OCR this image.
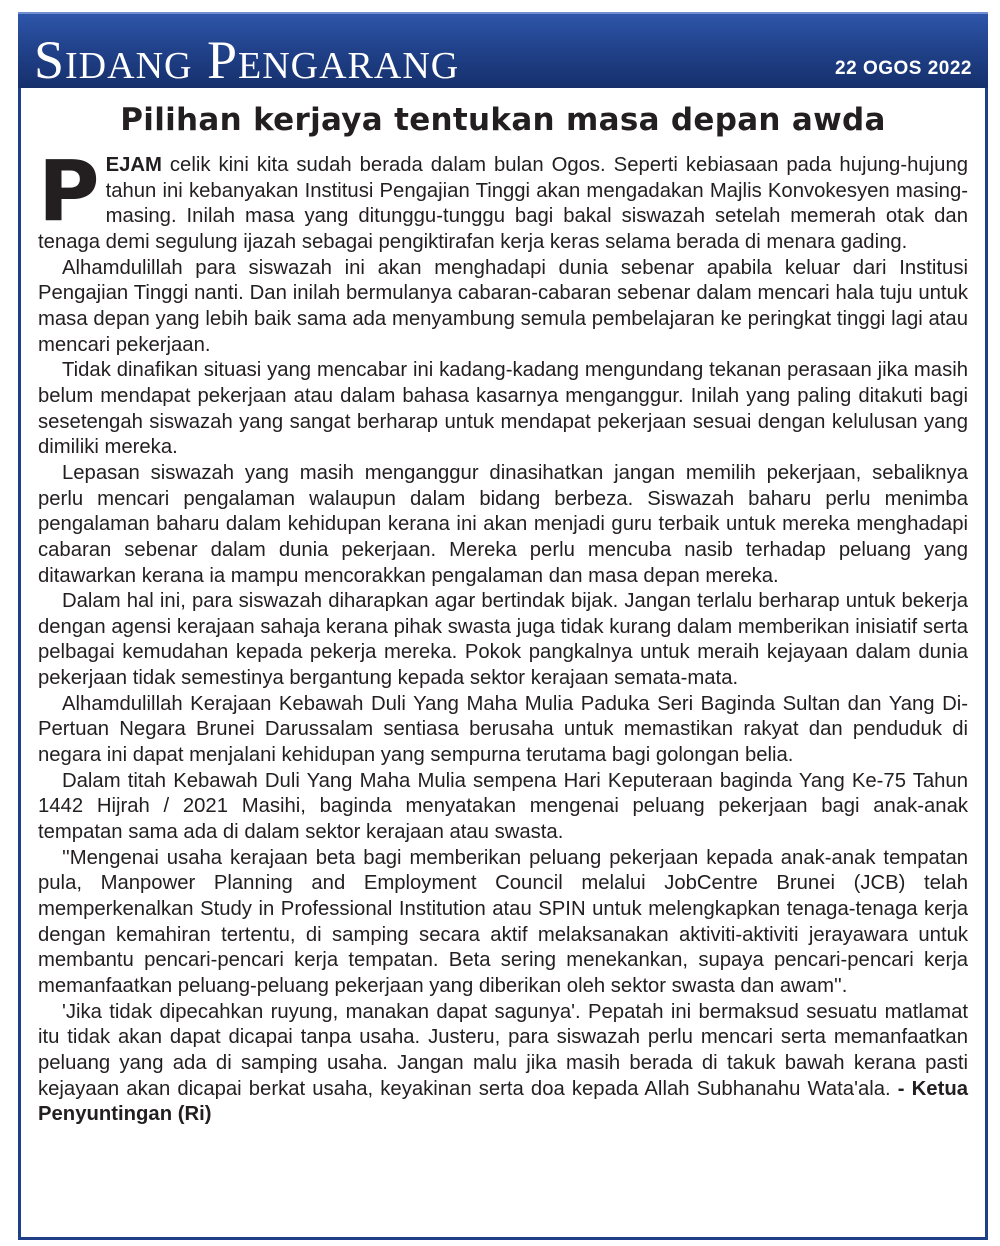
Sidang Pengarang	22 OGOS 2022
Pilihan kerjaya tentukan masa depan awda

PEJAM celik kini kita sudah berada dalam bulan Ogos. Seperti kebiasaan pada hujung-hujung tahun ini kebanyakan Institusi Pengajian Tinggi akan mengadakan Majlis Konvokesyen masing-masing. Inilah masa yang ditunggu-tunggu bagi bakal siswazah setelah memerah otak dan tenaga demi segulung ijazah sebagai pengiktirafan kerja keras selama berada di menara gading.

Alhamdulillah para siswazah ini akan menghadapi dunia sebenar apabila keluar dari Institusi Pengajian Tinggi nanti. Dan inilah bermulanya cabaran-cabaran sebenar dalam mencari hala tuju untuk masa depan yang lebih baik sama ada menyambung semula pembelajaran ke peringkat tinggi lagi atau mencari pekerjaan.

Tidak dinafikan situasi yang mencabar ini kadang-kadang mengundang tekanan perasaan jika masih belum mendapat pekerjaan atau dalam bahasa kasarnya menganggur. Inilah yang paling ditakuti bagi sesetengah siswazah yang sangat berharap untuk mendapat pekerjaan sesuai dengan kelulusan yang dimiliki mereka.

Lepasan siswazah yang masih menganggur dinasihatkan jangan memilih pekerjaan, sebaliknya perlu mencari pengalaman walaupun dalam bidang berbeza. Siswazah baharu perlu menimba pengalaman baharu dalam kehidupan kerana ini akan menjadi guru terbaik untuk mereka menghadapi cabaran sebenar dalam dunia pekerjaan. Mereka perlu mencuba nasib terhadap peluang yang ditawarkan kerana ia mampu mencorakkan pengalaman dan masa depan mereka.

Dalam hal ini, para siswazah diharapkan agar bertindak bijak. Jangan terlalu berharap untuk bekerja dengan agensi kerajaan sahaja kerana pihak swasta juga tidak kurang dalam memberikan inisiatif serta pelbagai kemudahan kepada pekerja mereka. Pokok pangkalnya untuk meraih kejayaan dalam dunia pekerjaan tidak semestinya bergantung kepada sektor kerajaan semata-mata.

Alhamdulillah Kerajaan Kebawah Duli Yang Maha Mulia Paduka Seri Baginda Sultan dan Yang Di-Pertuan Negara Brunei Darussalam sentiasa berusaha untuk memastikan rakyat dan penduduk di negara ini dapat menjalani kehidupan yang sempurna terutama bagi golongan belia.

Dalam titah Kebawah Duli Yang Maha Mulia sempena Hari Keputeraan baginda Yang Ke-75 Tahun 1442 Hijrah / 2021 Masihi, baginda menyatakan mengenai peluang pekerjaan bagi anak-anak tempatan sama ada di dalam sektor kerajaan atau swasta.

''Mengenai usaha kerajaan beta bagi memberikan peluang pekerjaan kepada anak-anak tempatan pula, Manpower Planning and Employment Council melalui JobCentre Brunei (JCB) telah memperkenalkan Study in Professional Institution atau SPIN untuk melengkapkan tenaga-tenaga kerja dengan kemahiran tertentu, di samping secara aktif melaksanakan aktiviti-aktiviti jerayawara untuk membantu pencari-pencari kerja tempatan. Beta sering menekankan, supaya pencari-pencari kerja memanfaatkan peluang-peluang pekerjaan yang diberikan oleh sektor swasta dan awam''.

'Jika tidak dipecahkan ruyung, manakan dapat sagunya'. Pepatah ini bermaksud sesuatu matlamat itu tidak akan dapat dicapai tanpa usaha. Justeru, para siswazah perlu mencari serta memanfaatkan peluang yang ada di samping usaha. Jangan malu jika masih berada di takuk bawah kerana pasti kejayaan akan dicapai berkat usaha, keyakinan serta doa kepada Allah Subhanahu Wata'ala. - Ketua Penyuntingan (Ri)
